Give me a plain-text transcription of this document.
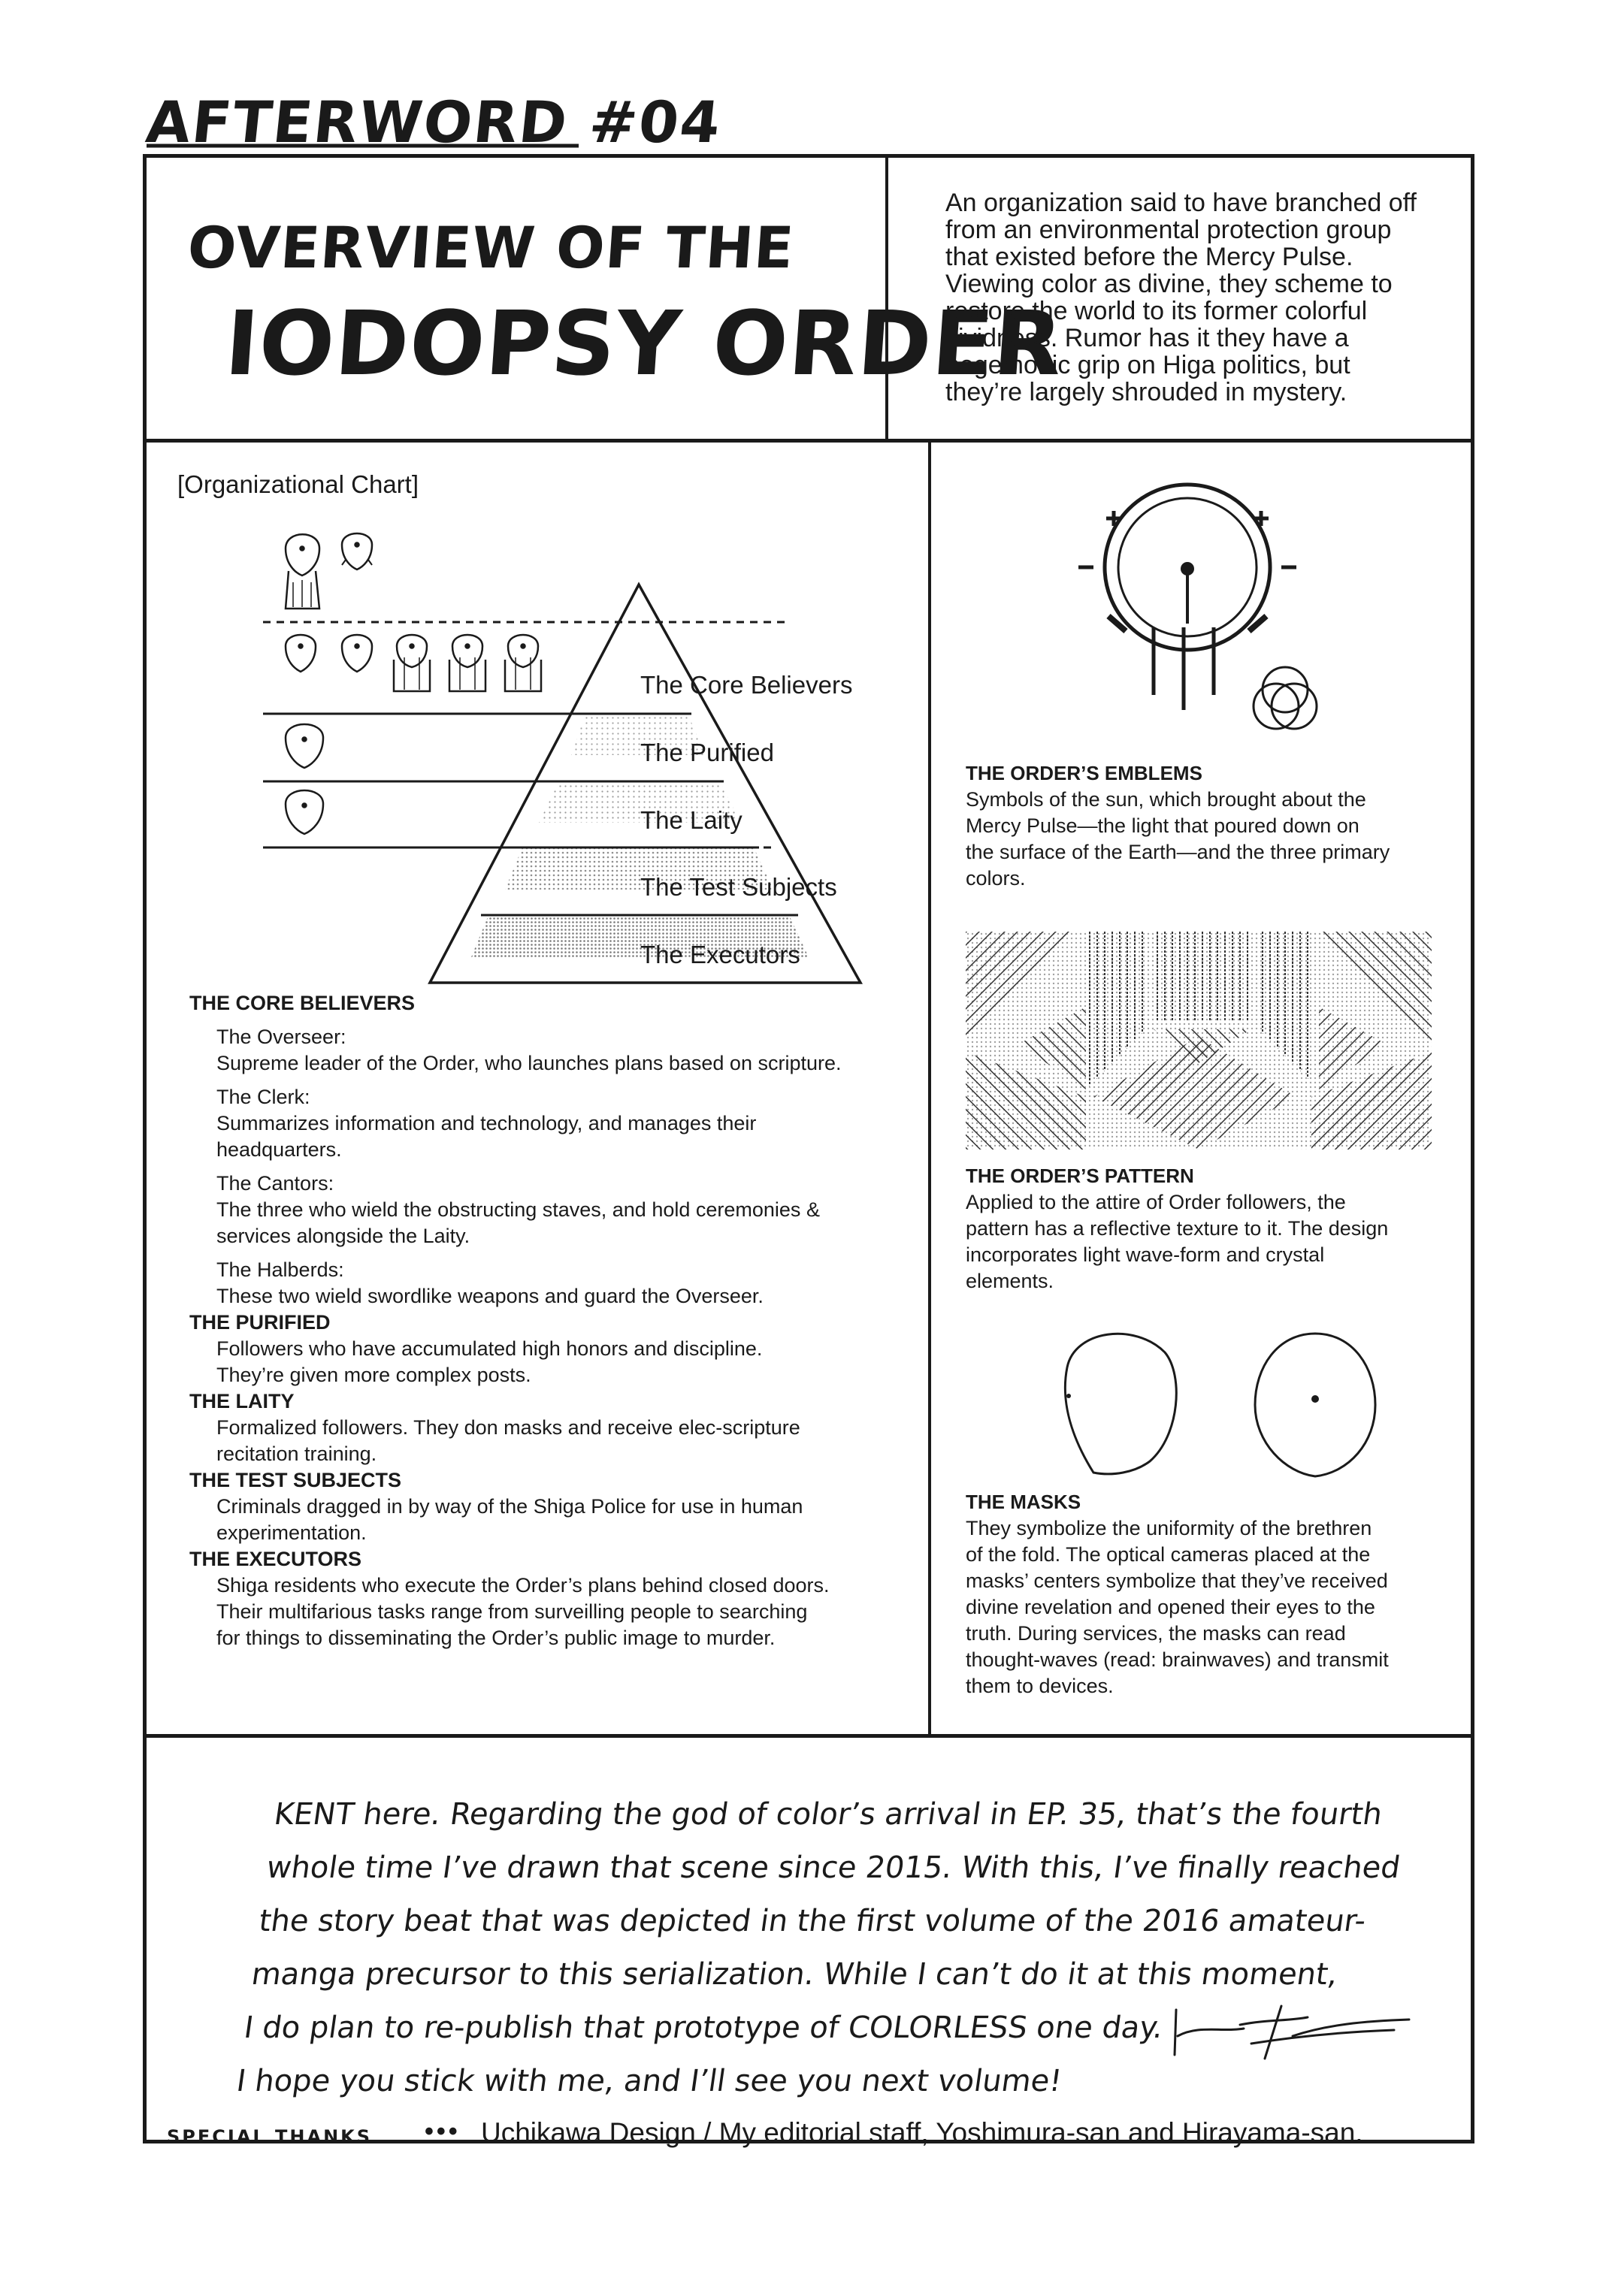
AFTERWORD #04
OVERVIEW OF THE
IODOPSY ORDER
An organization said to have branched off from an environmental protection group that existed before the Mercy Pulse. Viewing color as divine, they scheme to restore the world to its former colorful vividness. Rumor has it they have a hegemonic grip on Higa politics, but they’re largely shrouded in mystery.
[Organizational Chart]
The Core Believers
The Purified
The Laity
The Test Subjects
The Executors
THE CORE BELIEVERS
The Overseer:
Supreme leader of the Order, who launches plans based on scripture.
The Clerk:
Summarizes information and technology, and manages their
headquarters.
The Cantors:
The three who wield the obstructing staves, and hold ceremonies &
services alongside the Laity.
The Halberds:
These two wield swordlike weapons and guard the Overseer.
THE PURIFIED
Followers who have accumulated high honors and discipline.
They’re given more complex posts.
THE LAITY
Formalized followers. They don masks and receive elec-scripture
recitation training.
THE TEST SUBJECTS
Criminals dragged in by way of the Shiga Police for use in human
experimentation.
THE EXECUTORS
Shiga residents who execute the Order’s plans behind closed doors.
Their multifarious tasks range from surveilling people to searching
for things to disseminating the Order’s public image to murder.
THE ORDER’S EMBLEMS
Symbols of the sun, which brought about the
Mercy Pulse—the light that poured down on
the surface of the Earth—and the three primary
colors.
THE ORDER’S PATTERN
Applied to the attire of Order followers, the
pattern has a reflective texture to it. The design
incorporates light wave-form and crystal
elements.
THE MASKS
They symbolize the uniformity of the brethren
of the fold. The optical cameras placed at the
masks’ centers symbolize that they’ve received
divine revelation and opened their eyes to the
truth. During services, the masks can read
thought-waves (read: brainwaves) and transmit
them to devices.
KENT here. Regarding the god of color’s arrival in EP. 35, that’s the fourth
whole time I’ve drawn that scene since 2015. With this, I’ve finally reached
the story beat that was depicted in the first volume of the 2016 amateur-
manga precursor to this serialization. While I can’t do it at this moment,
I do plan to re-publish that prototype of COLORLESS one day.
I hope you stick with me, and I’ll see you next volume!
SPECIAL THANKS ••• Uchikawa Design / My editorial staff, Yoshimura-san and Hirayama-san.
